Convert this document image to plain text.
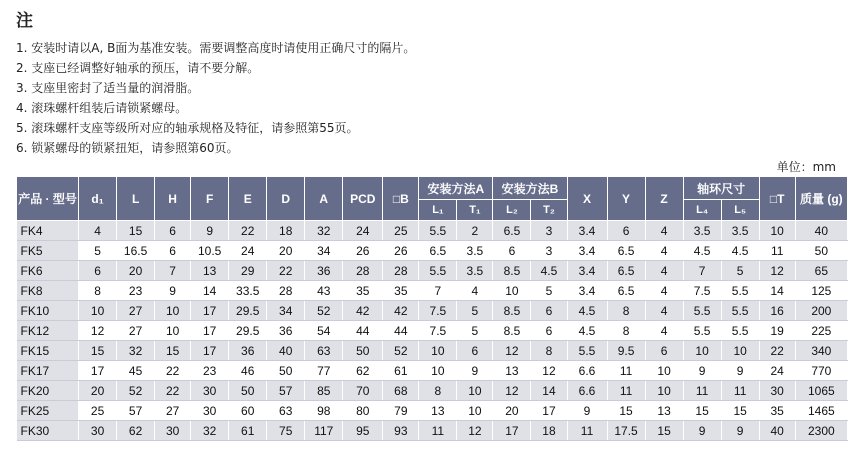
注
1. 安装时请以A, B面为基准安装。需要调整高度时请使用正确尺寸的隔片。
2. 支座已经调整好轴承的预压，请不要分解。
3. 支座里密封了适当量的润滑脂。
4. 滚珠螺杆组装后请锁紧螺母。
5. 滚珠螺杆支座等级所对应的轴承规格及特征，请参照第55页。
6. 锁紧螺母的锁紧扭矩，请参照第60页。
单位：mm
产品 · 型号	d₁	L	H	F	E	D	A	PCD	□B	安装方法A		安装方法B		X	Y	Z	轴环尺寸		□T	质量 (g)
										L₁	T₁	L₂	T₂				L₄	L₅		
FK4	4	15	6	9	22	18	32	24	25	5.5	2	6.5	3	3.4	6	4	3.5	3.5	10	40
FK5	5	16.5	6	10.5	24	20	34	26	26	6.5	3.5	6	3	3.4	6.5	4	4.5	4.5	11	50
FK6	6	20	7	13	29	22	36	28	28	5.5	3.5	8.5	4.5	3.4	6.5	4	7	5	12	65
FK8	8	23	9	14	33.5	28	43	35	35	7	4	10	5	3.4	6.5	4	7.5	5.5	14	125
FK10	10	27	10	17	29.5	34	52	42	42	7.5	5	8.5	6	4.5	8	4	5.5	5.5	16	200
FK12	12	27	10	17	29.5	36	54	44	44	7.5	5	8.5	6	4.5	8	4	5.5	5.5	19	225
FK15	15	32	15	17	36	40	63	50	52	10	6	12	8	5.5	9.5	6	10	10	22	340
FK17	17	45	22	23	46	50	77	62	61	10	9	13	12	6.6	11	10	9	9	24	770
FK20	20	52	22	30	50	57	85	70	68	8	10	12	14	6.6	11	10	11	11	30	1065
FK25	25	57	27	30	60	63	98	80	79	13	10	20	17	9	15	13	15	15	35	1465
FK30	30	62	30	32	61	75	117	95	93	11	12	17	18	11	17.5	15	9	9	40	2300
